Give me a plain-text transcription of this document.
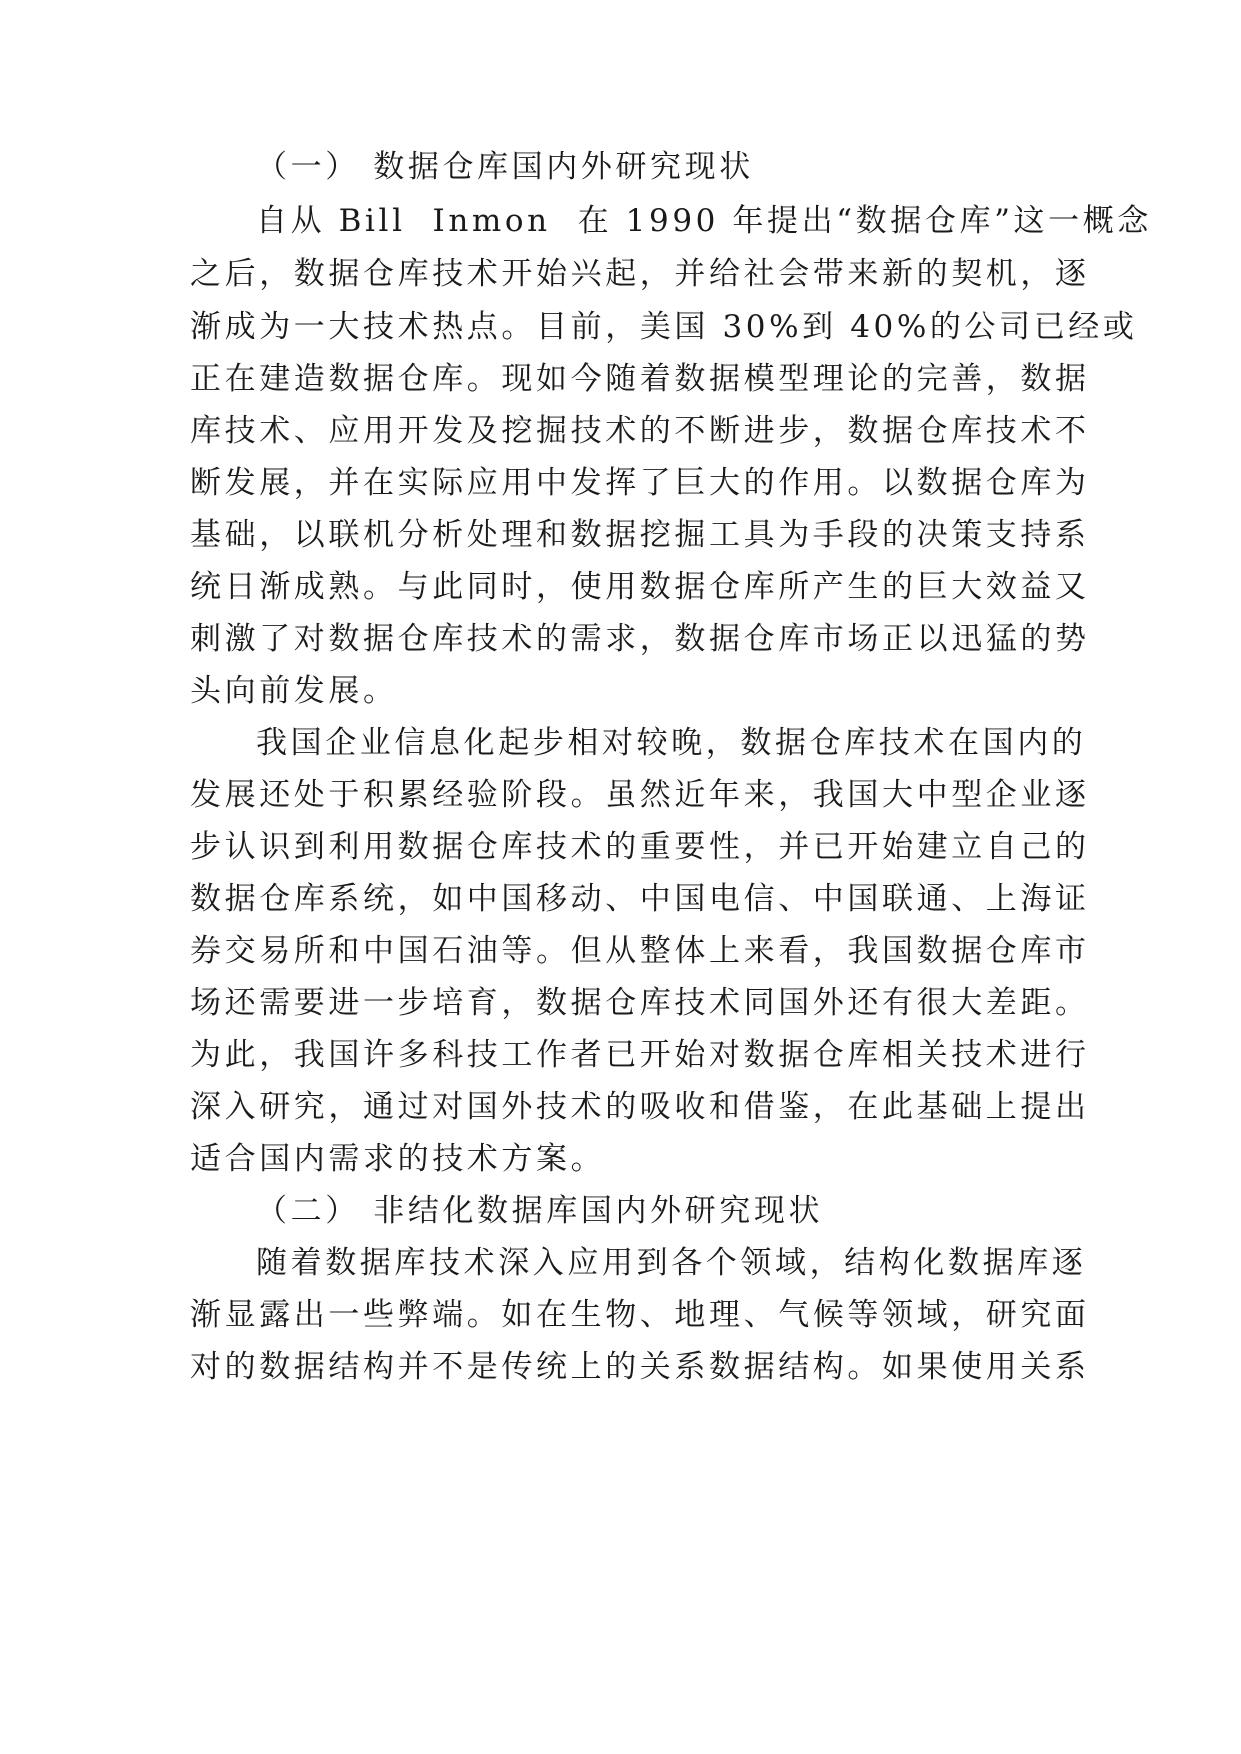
（一） 数据仓库国内外研究现状
自从 Bill  Inmon  在 1990 年提出“数据仓库”这一概念
之后，数据仓库技术开始兴起，并给社会带来新的契机，逐
渐成为一大技术热点。目前，美国 30%到 40%的公司已经或
正在建造数据仓库。现如今随着数据模型理论的完善，数据
库技术、应用开发及挖掘技术的不断进步，数据仓库技术不
断发展，并在实际应用中发挥了巨大的作用。以数据仓库为
基础，以联机分析处理和数据挖掘工具为手段的决策支持系
统日渐成熟。与此同时，使用数据仓库所产生的巨大效益又
刺激了对数据仓库技术的需求，数据仓库市场正以迅猛的势
头向前发展。
我国企业信息化起步相对较晚，数据仓库技术在国内的
发展还处于积累经验阶段。虽然近年来，我国大中型企业逐
步认识到利用数据仓库技术的重要性，并已开始建立自己的
数据仓库系统，如中国移动、中国电信、中国联通、上海证
券交易所和中国石油等。但从整体上来看，我国数据仓库市
场还需要进一步培育，数据仓库技术同国外还有很大差距。
为此，我国许多科技工作者已开始对数据仓库相关技术进行
深入研究，通过对国外技术的吸收和借鉴，在此基础上提出
适合国内需求的技术方案。
（二） 非结化数据库国内外研究现状
随着数据库技术深入应用到各个领域，结构化数据库逐
渐显露出一些弊端。如在生物、地理、气候等领域，研究面
对的数据结构并不是传统上的关系数据结构。如果使用关系
